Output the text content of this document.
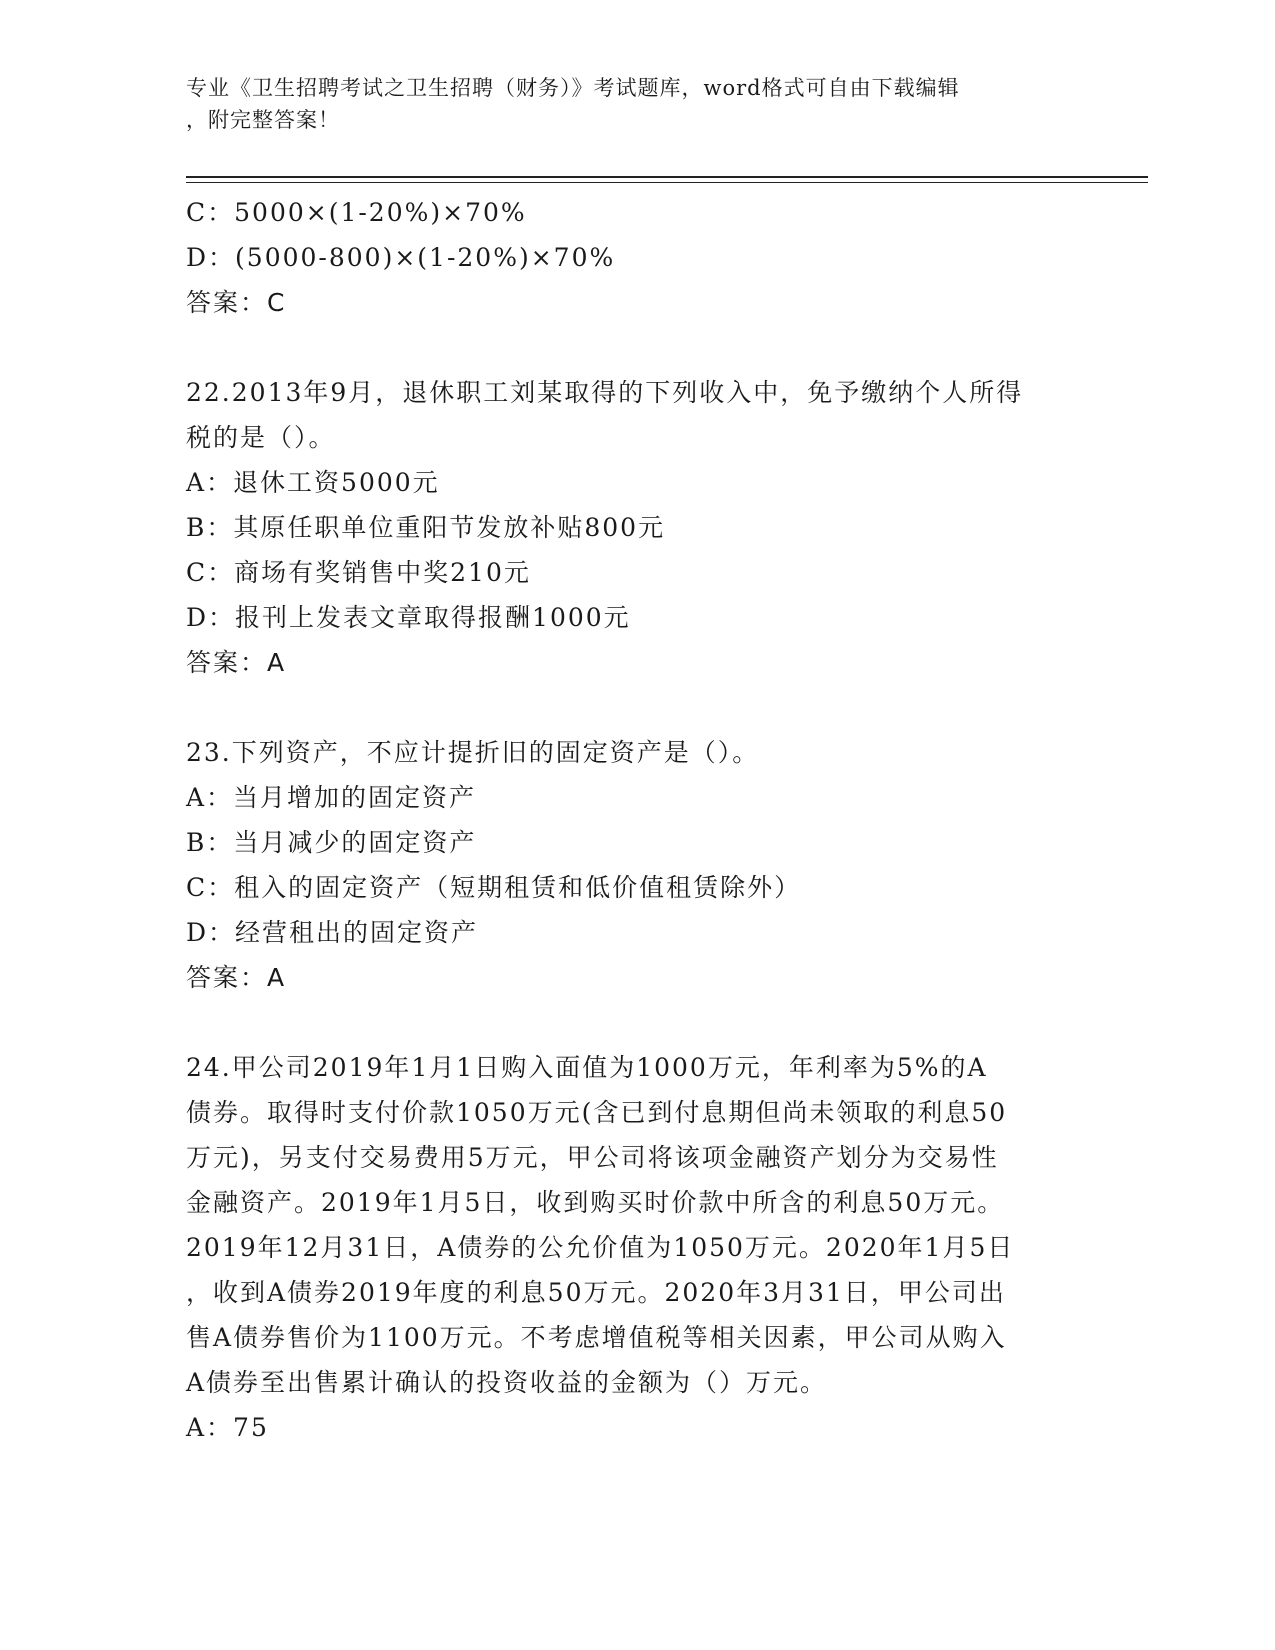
专业《卫生招聘考试之卫生招聘（财务）》考试题库，word格式可自由下载编辑
，附完整答案！
C：5000×(1-20%)×70%
D：(5000-800)×(1-20%)×70%
答案：C
22.2013年9月，退休职工刘某取得的下列收入中，免予缴纳个人所得
税的是（）。
A：退休工资5000元
B：其原任职单位重阳节发放补贴800元
C：商场有奖销售中奖210元
D：报刊上发表文章取得报酬1000元
答案：A
23.下列资产，不应计提折旧的固定资产是（）。
A：当月增加的固定资产
B：当月减少的固定资产
C：租入的固定资产（短期租赁和低价值租赁除外）
D：经营租出的固定资产
答案：A
24.甲公司2019年1月1日购入面值为1000万元，年利率为5%的A
债券。取得时支付价款1050万元(含已到付息期但尚未领取的利息50
万元)，另支付交易费用5万元，甲公司将该项金融资产划分为交易性
金融资产。2019年1月5日，收到购买时价款中所含的利息50万元。
2019年12月31日，A债券的公允价值为1050万元。2020年1月5日
，收到A债券2019年度的利息50万元。2020年3月31日，甲公司出
售A债券售价为1100万元。不考虑增值税等相关因素，甲公司从购入
A债券至出售累计确认的投资收益的金额为（）万元。
A：75
